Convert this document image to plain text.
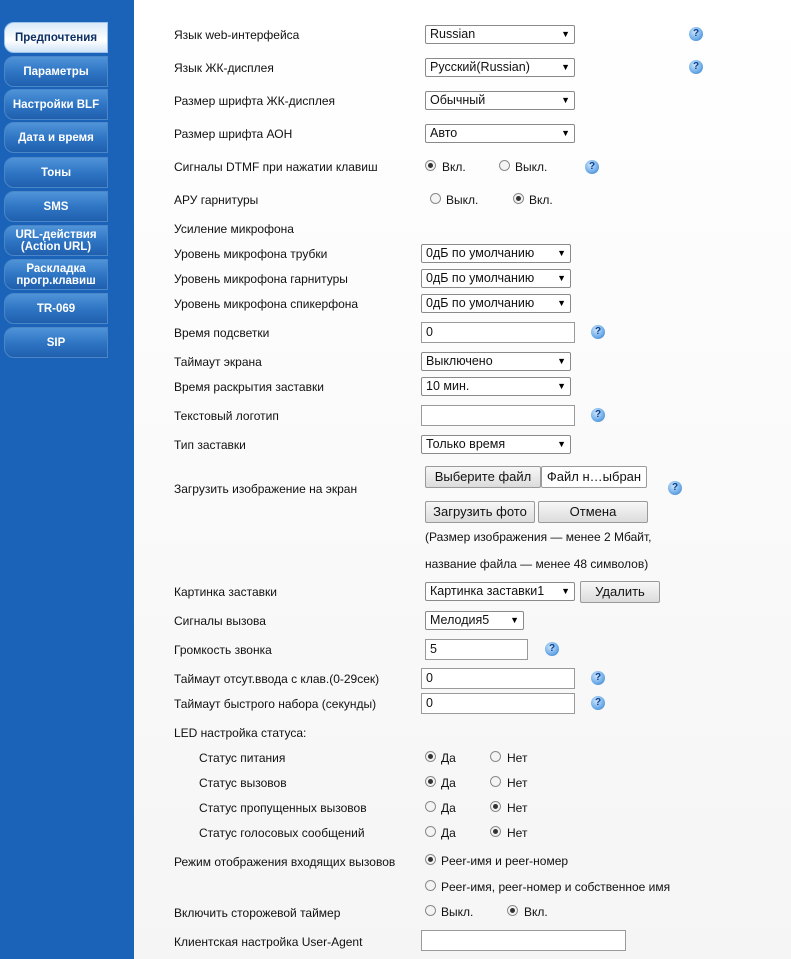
Предпочтения
Параметры
Настройки BLF
Дата и время
Тоны
SMS
URL-действия
(Action URL)
Раскладка
прогр.клавиш
TR-069
SIP
Язык web-интерфейса	Russian	▼	?
Язык ЖК-дисплея	Русский(Russian)	▼	?
Размер шрифта ЖК-дисплея	Обычный	▼
Размер шрифта АОН	Авто	▼
Сигналы DTMF при нажатии клавиш	Вкл.	Выкл.	?
АРУ гарнитуры	Выкл.	Вкл.
Усиление микрофона
Уровень микрофона трубки	0дБ по умолчанию	▼
Уровень микрофона гарнитуры	0дБ по умолчанию	▼
Уровень микрофона спикерфона	0дБ по умолчанию	▼
Время подсветки	0	?
Таймаут экрана	Выключено	▼
Время раскрытия заставки	10 мин.	▼
Текстовый логотип	?
Тип заставки	Только время	▼
Загрузить изображение на экран
Выберите файл	Файл н…ыбран
?
Загрузить фото	Отмена
(Размер изображения — менее 2 Мбайт,
название файла — менее 48 символов)
Картинка заставки	Картинка заставки1 ▼	Удалить
Сигналы вызова	Мелодия5 ▼
Громкость звонка	5	?
Таймаут отсут.ввода с клав.(0-29сек)	0	?
Таймаут быстрого набора (секунды)	0	?
LED настройка статуса:
Статус питания	Да	Нет
Статус вызовов	Да	Нет
Статус пропущенных вызовов	Да	Нет
Статус голосовых сообщений	Да	Нет
Режим отображения входящих вызовов	Peer-имя и peer-номер
Peer-имя, peer-номер и собственное имя
Включить сторожевой таймер	Выкл.	Вкл.
Клиентская настройка User-Agent
